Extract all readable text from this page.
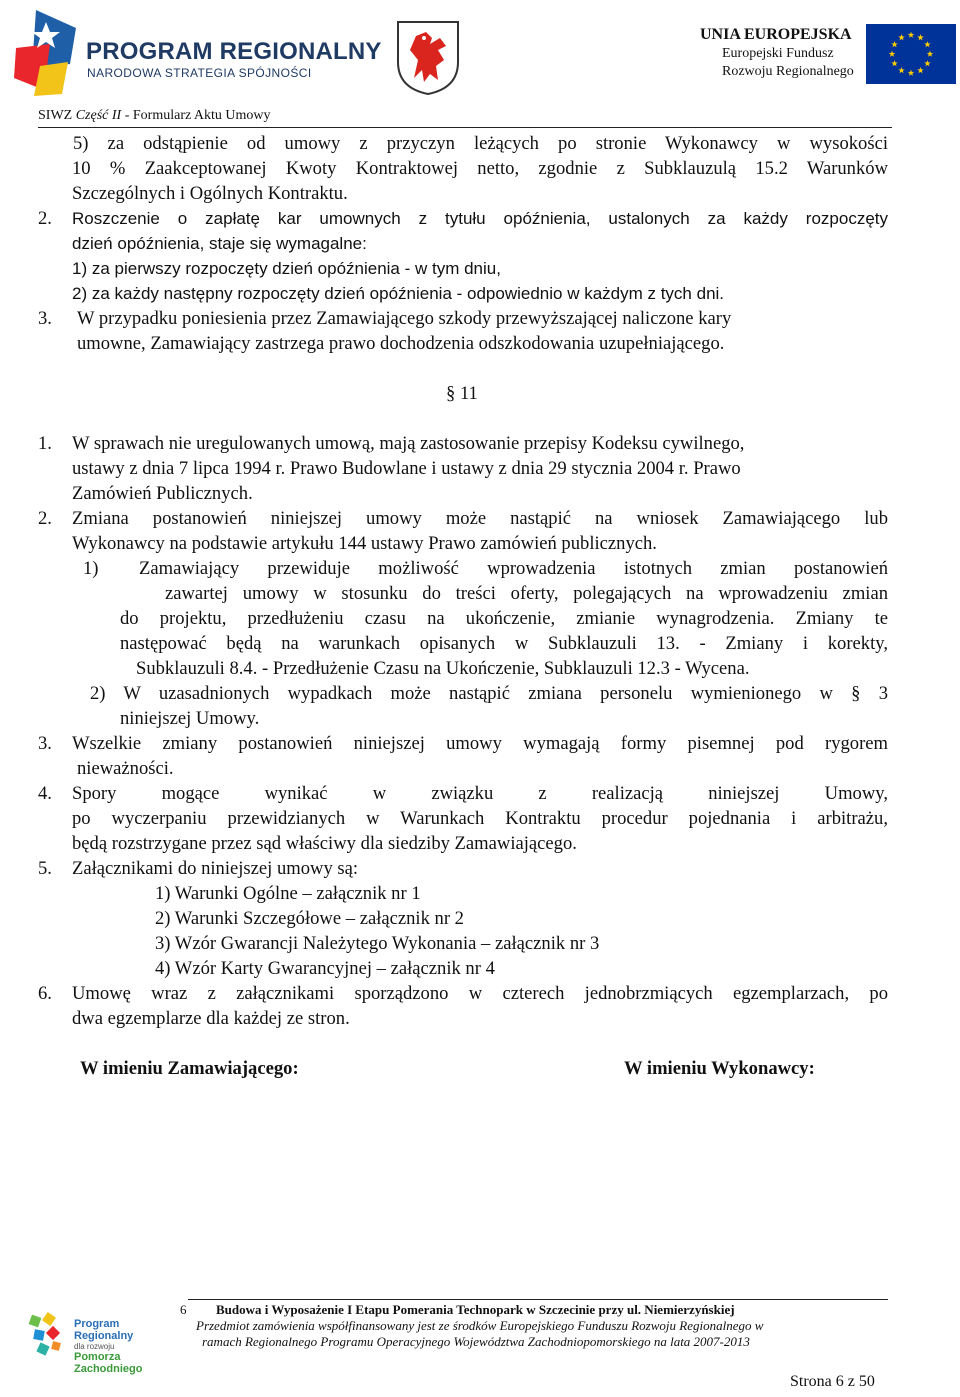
PROGRAM REGIONALNY
NARODOWA STRATEGIA SPÓJNOŚCI
UNIA EUROPEJSKA
Europejski Fundusz
Rozwoju Regionalnego
SIWZ Część II - Formularz Aktu Umowy
5) za odstąpienie od umowy z przyczyn leżących po stronie Wykonawcy w wysokości
10 % Zaakceptowanej Kwoty Kontraktowej netto, zgodnie z Subklauzulą 15.2 Warunków
Szczególnych i Ogólnych Kontraktu.
2. Roszczenie o zapłatę kar umownych z tytułu opóźnienia, ustalonych za każdy rozpoczęty
dzień opóźnienia, staje się wymagalne:
1) za pierwszy rozpoczęty dzień opóźnienia - w tym dniu,
2) za każdy następny rozpoczęty dzień opóźnienia - odpowiednio w każdym z tych dni.
3. W przypadku poniesienia przez Zamawiającego szkody przewyższającej naliczone kary
umowne, Zamawiający zastrzega prawo dochodzenia odszkodowania uzupełniającego.
§ 11
1. W sprawach nie uregulowanych umową, mają zastosowanie przepisy Kodeksu cywilnego,
ustawy z dnia 7 lipca 1994 r. Prawo Budowlane i ustawy z dnia 29 stycznia 2004 r. Prawo
Zamówień Publicznych.
2. Zmiana postanowień niniejszej umowy może nastąpić na wniosek Zamawiającego lub
Wykonawcy na podstawie artykułu 144 ustawy Prawo zamówień publicznych.
1) Zamawiający przewiduje możliwość wprowadzenia istotnych zmian postanowień
zawartej umowy w stosunku do treści oferty, polegających na wprowadzeniu zmian
do projektu, przedłużeniu czasu na ukończenie, zmianie wynagrodzenia. Zmiany te
następować będą na warunkach opisanych w Subklauzuli 13. - Zmiany i korekty,
Subklauzuli 8.4. - Przedłużenie Czasu na Ukończenie, Subklauzuli 12.3 - Wycena.
2) W uzasadnionych wypadkach może nastąpić zmiana personelu wymienionego w § 3
niniejszej Umowy.
3. Wszelkie zmiany postanowień niniejszej umowy wymagają formy pisemnej pod rygorem
nieważności.
4. Spory mogące wynikać w związku z realizacją niniejszej Umowy,
po wyczerpaniu przewidzianych w Warunkach Kontraktu procedur pojednania i arbitrażu,
będą rozstrzygane przez sąd właściwy dla siedziby Zamawiającego.
5. Załącznikami do niniejszej umowy są:
1) Warunki Ogólne – załącznik nr 1
2) Warunki Szczegółowe – załącznik nr 2
3) Wzór Gwarancji Należytego Wykonania – załącznik nr 3
4) Wzór Karty Gwarancyjnej – załącznik nr 4
6. Umowę wraz z załącznikami sporządzono w czterech jednobrzmiących egzemplarzach, po
dwa egzemplarze dla każdej ze stron.
W imieniu Zamawiającego:	W imieniu Wykonawcy:
Program Regionalny
dla rozwoju
Pomorza Zachodniego
6 Budowa i Wyposażenie I Etapu Pomerania Technopark w Szczecinie przy ul. Niemierzyńskiej
Przedmiot zamówienia współfinansowany jest ze środków Europejskiego Funduszu Rozwoju Regionalnego w
ramach Regionalnego Programu Operacyjnego Województwa Zachodniopomorskiego na lata 2007-2013
Strona 6 z 50
